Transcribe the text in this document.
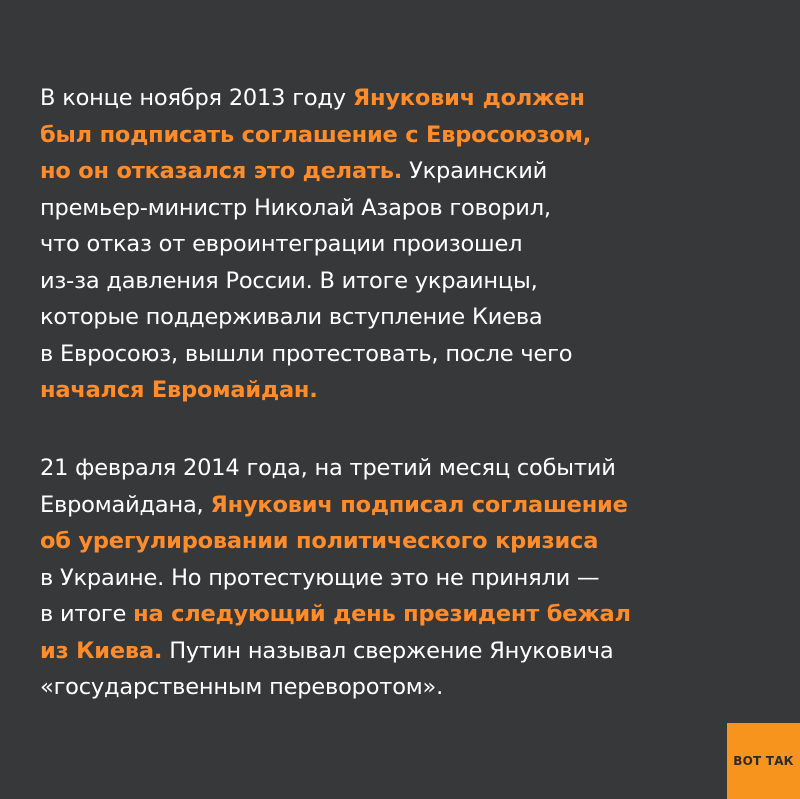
В конце ноября 2013 году Янукович должен
был подписать соглашение с Евросоюзом,
но он отказался это делать. Украинский
премьер-министр Николай Азаров говорил,
что отказ от евроинтеграции произошел
из-за давления России. В итоге украинцы,
которые поддерживали вступление Киева
в Евросоюз, вышли протестовать, после чего
начался Евромайдан.
21 февраля 2014 года, на третий месяц событий
Евромайдана, Янукович подписал соглашение
об урегулировании политического кризиса
в Украине. Но протестующие это не приняли —
в итоге на следующий день президент бежал
из Киева. Путин называл свержение Януковича
«государственным переворотом».
ВОТ ТАК
